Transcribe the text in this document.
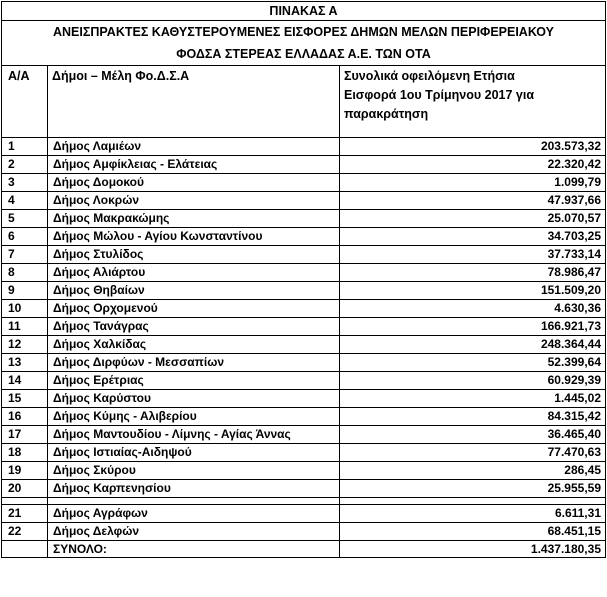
ΠΙΝΑΚΑΣ Α		
ΑΝΕΙΣΠΡΑΚΤΕΣ ΚΑΘΥΣΤΕΡΟΥΜΕΝΕΣ ΕΙΣΦΟΡΕΣ ΔΗΜΩΝ ΜΕΛΩΝ ΠΕΡΙΦΕΡΕΙΑΚΟΥ		
ΦΟΔΣΑ ΣΤΕΡΕΑΣ ΕΛΛΑΔΑΣ Α.Ε. ΤΩΝ ΟΤΑ		
Α/Α	Δήμοι – Μέλη Φο.Δ.Σ.Α	Συνολικά οφειλόμενη Ετήσια
Εισφορά 1ου Τρίμηνου 2017 για
παρακράτηση

1	Δήμος Λαμιέων	203.573,32
2	Δήμος Αμφίκλειας - Ελάτειας	22.320,42
3	Δήμος Δομοκού	1.099,79
4	Δήμος Λοκρών	47.937,66
5	Δήμος Μακρακώμης	25.070,57
6	Δήμος Μώλου - Αγίου Κωνσταντίνου	34.703,25
7	Δήμος Στυλίδος	37.733,14
8	Δήμος Αλιάρτου	78.986,47
9	Δήμος Θηβαίων	151.509,20
10	Δήμος Ορχομενού	4.630,36
11	Δήμος Τανάγρας	166.921,73
12	Δήμος Χαλκίδας	248.364,44
13	Δήμος Διρφύων - Μεσσαπίων	52.399,64
14	Δήμος Ερέτριας	60.929,39
15	Δήμος Καρύστου	1.445,02
16	Δήμος Κύμης - Αλιβερίου	84.315,42
17	Δήμος Μαντουδίου - Λίμνης - Αγίας Άννας	36.465,40
18	Δήμος Ιστιαίας-Αιδηψού	77.470,63
19	Δήμος Σκύρου	286,45
20	Δήμος Καρπενησίου	25.955,59

21	Δήμος Αγράφων	6.611,31
22	Δήμος Δελφών	68.451,15
	ΣΥΝΟΛΟ:	1.437.180,35
